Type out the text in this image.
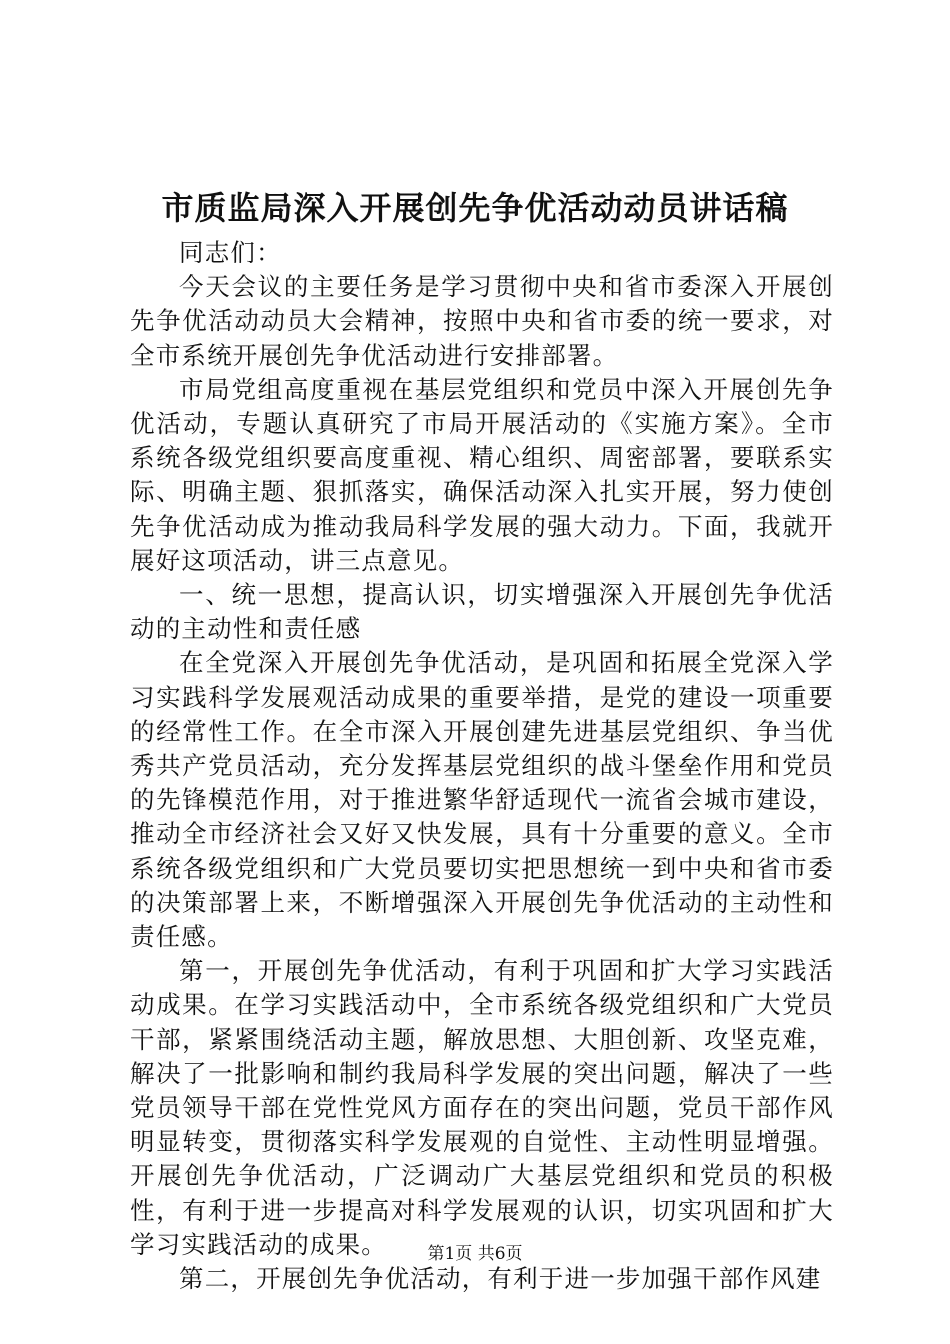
市质监局深入开展创先争优活动动员讲话稿

同志们：

今天会议的主要任务是学习贯彻中央和省市委深入开展创先争优活动动员大会精神，按照中央和省市委的统一要求，对全市系统开展创先争优活动进行安排部署。

市局党组高度重视在基层党组织和党员中深入开展创先争优活动，专题认真研究了市局开展活动的《实施方案》。全市系统各级党组织要高度重视、精心组织、周密部署，要联系实际、明确主题、狠抓落实，确保活动深入扎实开展，努力使创先争优活动成为推动我局科学发展的强大动力。下面，我就开展好这项活动，讲三点意见。

一、统一思想，提高认识，切实增强深入开展创先争优活动的主动性和责任感

在全党深入开展创先争优活动，是巩固和拓展全党深入学习实践科学发展观活动成果的重要举措，是党的建设一项重要的经常性工作。在全市深入开展创建先进基层党组织、争当优秀共产党员活动，充分发挥基层党组织的战斗堡垒作用和党员的先锋模范作用，对于推进繁华舒适现代一流省会城市建设，推动全市经济社会又好又快发展，具有十分重要的意义。全市系统各级党组织和广大党员要切实把思想统一到中央和省市委的决策部署上来，不断增强深入开展创先争优活动的主动性和责任感。

第一，开展创先争优活动，有利于巩固和扩大学习实践活动成果。在学习实践活动中，全市系统各级党组织和广大党员干部，紧紧围绕活动主题，解放思想、大胆创新、攻坚克难，解决了一批影响和制约我局科学发展的突出问题，解决了一些党员领导干部在党性党风方面存在的突出问题，党员干部作风明显转变，贯彻落实科学发展观的自觉性、主动性明显增强。开展创先争优活动，广泛调动广大基层党组织和党员的积极性，有利于进一步提高对科学发展观的认识，切实巩固和扩大学习实践活动的成果。

第二，开展创先争优活动，有利于进一步加强干部作风建

第1页 共6页
